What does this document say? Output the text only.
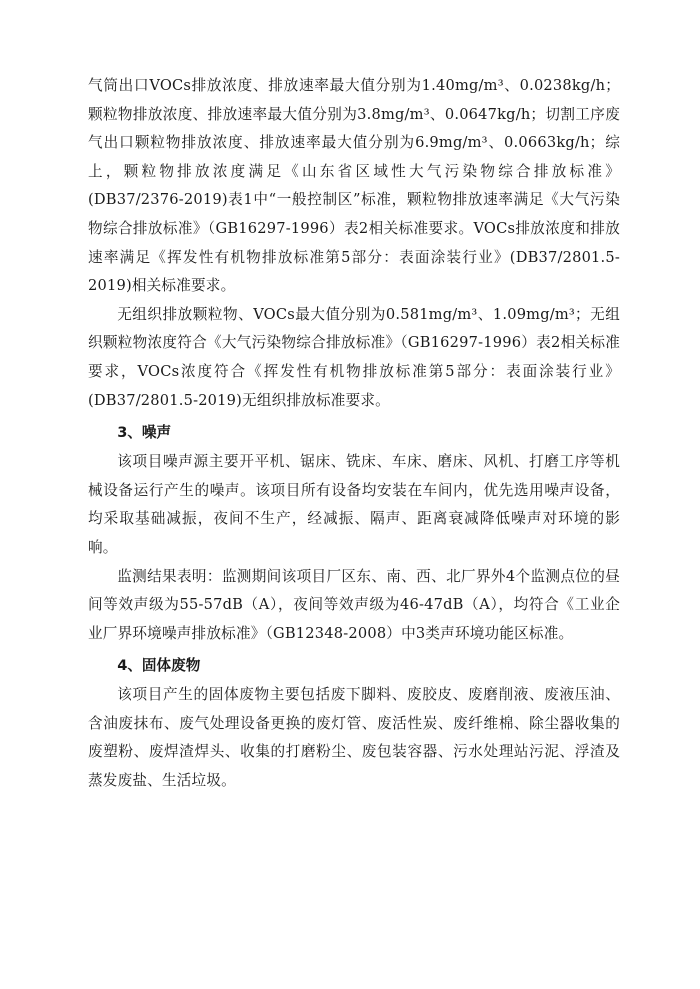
气筒出口VOCs排放浓度、排放速率最大值分别为1.40mg/m³、0.0238kg/h；颗粒物排放浓度、排放速率最大值分别为3.8mg/m³、0.0647kg/h；切割工序废气出口颗粒物排放浓度、排放速率最大值分别为6.9mg/m³、0.0663kg/h；综上，颗粒物排放浓度满足《山东省区域性大气污染物综合排放标准》(DB37/2376-2019)表1中“一般控制区”标准，颗粒物排放速率满足《大气污染物综合排放标准》（GB16297-1996）表2相关标准要求。VOCs排放浓度和排放速率满足《挥发性有机物排放标准第5部分：表面涂装行业》(DB37/2801.5-2019)相关标准要求。

无组织排放颗粒物、VOCs最大值分别为0.581mg/m³、1.09mg/m³；无组织颗粒物浓度符合《大气污染物综合排放标准》（GB16297-1996）表2相关标准要求，VOCs浓度符合《挥发性有机物排放标准第5部分：表面涂装行业》(DB37/2801.5-2019)无组织排放标准要求。

3、噪声

该项目噪声源主要开平机、锯床、铣床、车床、磨床、风机、打磨工序等机械设备运行产生的噪声。该项目所有设备均安装在车间内，优先选用噪声设备，均采取基础减振，夜间不生产，经减振、隔声、距离衰减降低噪声对环境的影响。

监测结果表明：监测期间该项目厂区东、南、西、北厂界外4个监测点位的昼间等效声级为55-57dB（A），夜间等效声级为46-47dB（A），均符合《工业企业厂界环境噪声排放标准》（GB12348-2008）中3类声环境功能区标准。

4、固体废物

该项目产生的固体废物主要包括废下脚料、废胶皮、废磨削液、废液压油、含油废抹布、废气处理设备更换的废灯管、废活性炭、废纤维棉、除尘器收集的废塑粉、废焊渣焊头、收集的打磨粉尘、废包装容器、污水处理站污泥、浮渣及蒸发废盐、生活垃圾。
